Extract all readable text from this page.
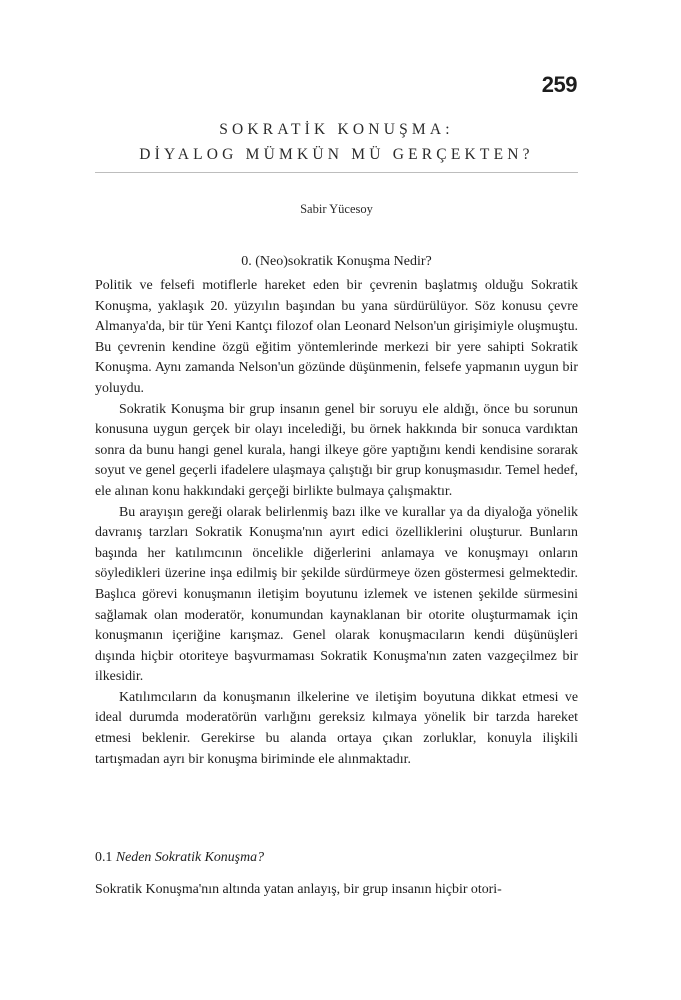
259
SOKRATİK KONUŞMA:
DİYALOG MÜMKÜN MÜ GERÇEKTEN?
Sabir Yücesoy
0. (Neo)sokratik Konuşma Nedir?

Politik ve felsefi motiflerle hareket eden bir çevrenin başlatmış olduğu Sokratik Konuşma, yaklaşık 20. yüzyılın başından bu yana sürdürülüyor. Söz konusu çevre Almanya'da, bir tür Yeni Kantçı filozof olan Leonard Nelson'un girişimiyle oluşmuştu. Bu çevrenin kendine özgü eğitim yöntemlerinde merkezi bir yere sahipti Sokratik Konuşma. Aynı zamanda Nelson'un gözünde düşünmenin, felsefe yapmanın uygun bir yoluydu.

Sokratik Konuşma bir grup insanın genel bir soruyu ele aldığı, önce bu sorunun konusuna uygun gerçek bir olayı incelediği, bu örnek hakkında bir sonuca vardıktan sonra da bunu hangi genel kurala, hangi ilkeye göre yaptığını kendi kendisine sorarak soyut ve genel geçerli ifadelere ulaşmaya çalıştığı bir grup konuşmasıdır. Temel hedef, ele alınan konu hakkındaki gerçeği birlikte bulmaya çalışmaktır.

Bu arayışın gereği olarak belirlenmiş bazı ilke ve kurallar ya da diyaloğa yönelik davranış tarzları Sokratik Konuşma'nın ayırt edici özelliklerini oluşturur. Bunların başında her katılımcının öncelikle diğerlerini anlamaya ve konuşmayı onların söyledikleri üzerine inşa edilmiş bir şekilde sürdürmeye özen göstermesi gelmektedir. Başlıca görevi konuşmanın iletişim boyutunu izlemek ve istenen şekilde sürmesini sağlamak olan moderatör, konumundan kaynaklanan bir otorite oluşturmamak için konuşmanın içeriğine karışmaz. Genel olarak konuşmacıların kendi düşünüşleri dışında hiçbir otoriteye başvurmaması Sokratik Konuşma'nın zaten vazgeçilmez bir ilkesidir.

Katılımcıların da konuşmanın ilkelerine ve iletişim boyutuna dikkat etmesi ve ideal durumda moderatörün varlığını gereksiz kılmaya yönelik bir tarzda hareket etmesi beklenir. Gerekirse bu alanda ortaya çıkan zorluklar, konuyla ilişkili tartışmadan ayrı bir konuşma biriminde ele alınmaktadır.

0.1 Neden Sokratik Konuşma?
Sokratik Konuşma'nın altında yatan anlayış, bir grup insanın hiçbir otori-
